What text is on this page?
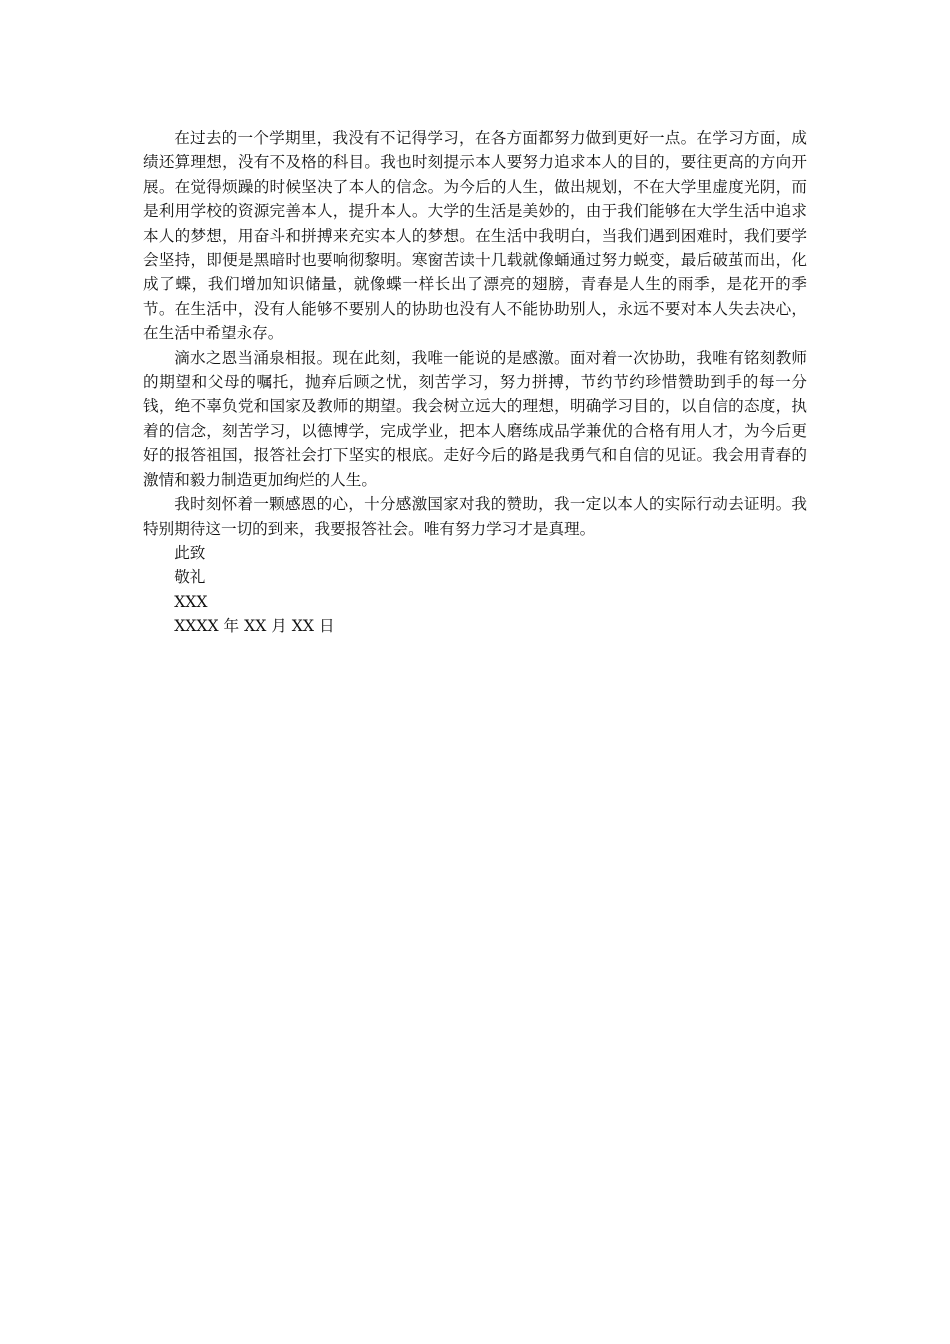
在过去的一个学期里，我没有不记得学习，在各方面都努力做到更好一点。在学习方面，成绩还算理想，没有不及格的科目。我也时刻提示本人要努力追求本人的目的，要往更高的方向开展。在觉得烦躁的时候坚决了本人的信念。为今后的人生，做出规划，不在大学里虚度光阴，而是利用学校的资源完善本人，提升本人。大学的生活是美妙的，由于我们能够在大学生活中追求本人的梦想，用奋斗和拼搏来充实本人的梦想。在生活中我明白，当我们遇到困难时，我们要学会坚持，即便是黑暗时也要响彻黎明。寒窗苦读十几载就像蛹通过努力蜕变，最后破茧而出，化成了蝶，我们增加知识储量，就像蝶一样长出了漂亮的翅膀，青春是人生的雨季，是花开的季节。在生活中，没有人能够不要别人的协助也没有人不能协助别人，永远不要对本人失去决心，在生活中希望永存。

滴水之恩当涌泉相报。现在此刻，我唯一能说的是感激。面对着一次协助，我唯有铭刻教师的期望和父母的嘱托，抛弃后顾之忧，刻苦学习，努力拼搏，节约节约珍惜赞助到手的每一分钱，绝不辜负党和国家及教师的期望。我会树立远大的理想，明确学习目的，以自信的态度，执着的信念，刻苦学习，以德博学，完成学业，把本人磨练成品学兼优的合格有用人才，为今后更好的报答祖国，报答社会打下坚实的根底。走好今后的路是我勇气和自信的见证。我会用青春的激情和毅力制造更加绚烂的人生。

我时刻怀着一颗感恩的心，十分感激国家对我的赞助，我一定以本人的实际行动去证明。我特别期待这一切的到来，我要报答社会。唯有努力学习才是真理。

此致

敬礼

XXX

XXXX 年 XX 月 XX 日
